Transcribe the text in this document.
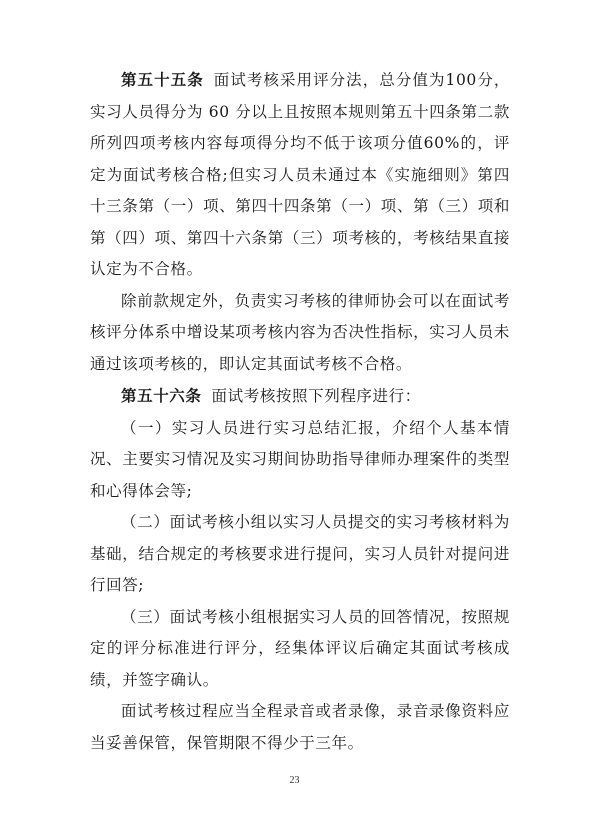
第五十五条 面试考核采用评分法，总分值为100分，实习人员得分为 60 分以上且按照本规则第五十四条第二款所列四项考核内容每项得分均不低于该项分值60%的，评定为面试考核合格;但实习人员未通过本《实施细则》第四十三条第（一）项、第四十四条第（一）项、第（三）项和第（四）项、第四十六条第（三）项考核的，考核结果直接认定为不合格。

除前款规定外，负责实习考核的律师协会可以在面试考核评分体系中增设某项考核内容为否决性指标，实习人员未通过该项考核的，即认定其面试考核不合格。

第五十六条 面试考核按照下列程序进行：

（一）实习人员进行实习总结汇报，介绍个人基本情况、主要实习情况及实习期间协助指导律师办理案件的类型和心得体会等;

（二）面试考核小组以实习人员提交的实习考核材料为基础，结合规定的考核要求进行提问，实习人员针对提问进行回答;

（三）面试考核小组根据实习人员的回答情况，按照规定的评分标准进行评分，经集体评议后确定其面试考核成绩，并签字确认。

面试考核过程应当全程录音或者录像，录音录像资料应当妥善保管，保管期限不得少于三年。

23
